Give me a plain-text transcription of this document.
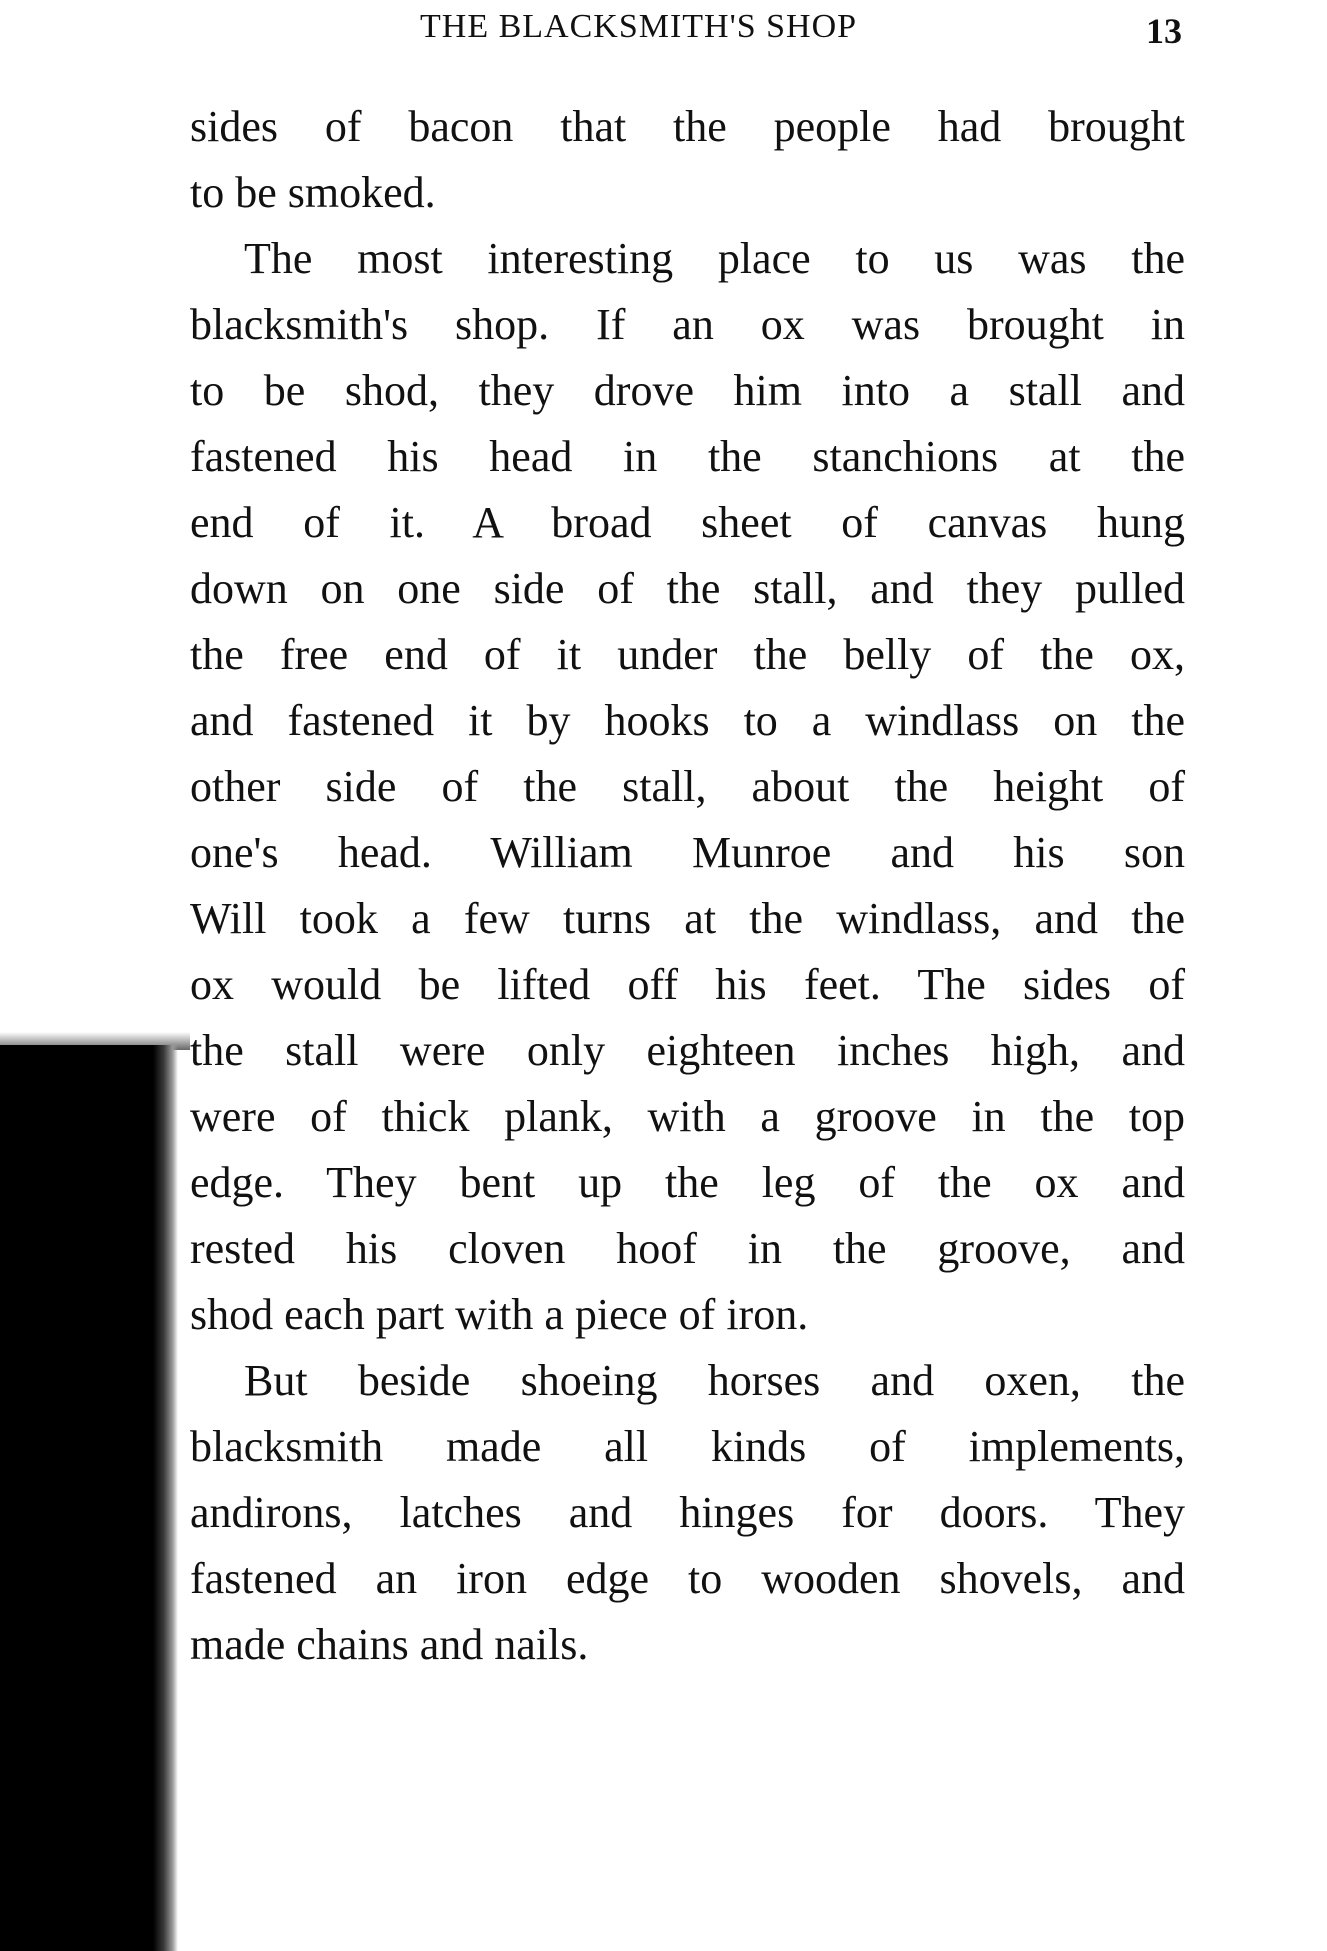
THE BLACKSMITH'S SHOP	13
sides of bacon that the people had brought
to be smoked.
The most interesting place to us was the
blacksmith's shop. If an ox was brought in
to be shod, they drove him into a stall and
fastened his head in the stanchions at the
end of it. A broad sheet of canvas hung
down on one side of the stall, and they pulled
the free end of it under the belly of the ox,
and fastened it by hooks to a windlass on the
other side of the stall, about the height of
one's head. William Munroe and his son
Will took a few turns at the windlass, and the
ox would be lifted off his feet. The sides of
the stall were only eighteen inches high, and
were of thick plank, with a groove in the top
edge. They bent up the leg of the ox and
rested his cloven hoof in the groove, and
shod each part with a piece of iron.
But beside shoeing horses and oxen, the
blacksmith made all kinds of implements,
andirons, latches and hinges for doors. They
fastened an iron edge to wooden shovels, and
made chains and nails.
